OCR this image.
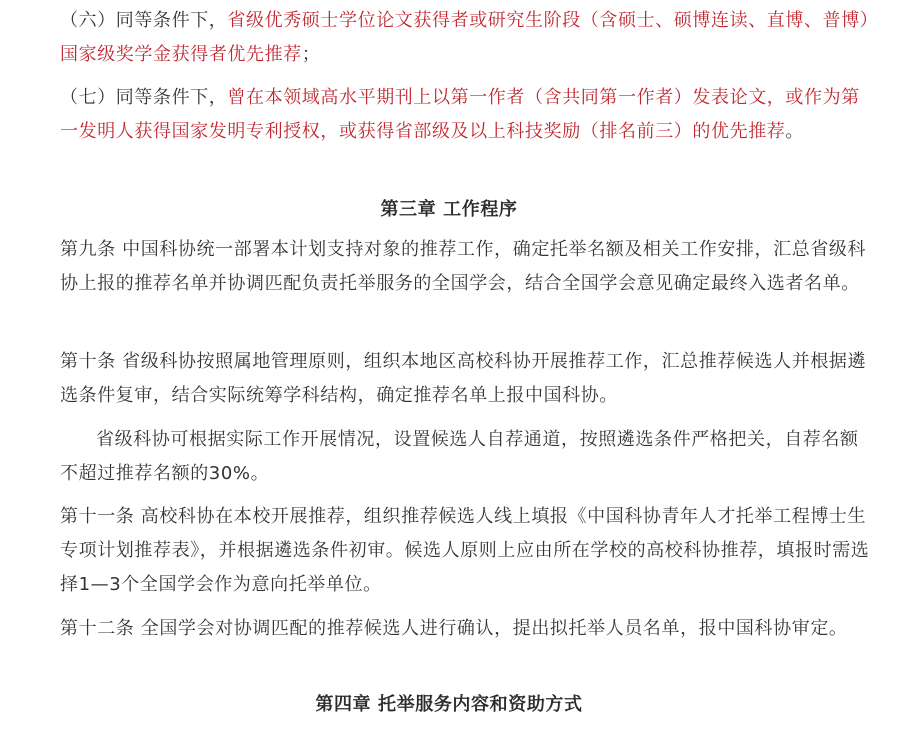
（六）同等条件下，省级优秀硕士学位论文获得者或研究生阶段（含硕士、硕博连读、直博、普博）国家级奖学金获得者优先推荐；

（七）同等条件下，曾在本领域高水平期刊上以第一作者（含共同第一作者）发表论文，或作为第一发明人获得国家发明专利授权，或获得省部级及以上科技奖励（排名前三）的优先推荐。

第三章 工作程序

第九条 中国科协统一部署本计划支持对象的推荐工作，确定托举名额及相关工作安排，汇总省级科协上报的推荐名单并协调匹配负责托举服务的全国学会，结合全国学会意见确定最终入选者名单。

第十条 省级科协按照属地管理原则，组织本地区高校科协开展推荐工作，汇总推荐候选人并根据遴选条件复审，结合实际统筹学科结构，确定推荐名单上报中国科协。

省级科协可根据实际工作开展情况，设置候选人自荐通道，按照遴选条件严格把关，自荐名额不超过推荐名额的30%。

第十一条 高校科协在本校开展推荐，组织推荐候选人线上填报《中国科协青年人才托举工程博士生专项计划推荐表》，并根据遴选条件初审。候选人原则上应由所在学校的高校科协推荐，填报时需选择1—3个全国学会作为意向托举单位。

第十二条 全国学会对协调匹配的推荐候选人进行确认，提出拟托举人员名单，报中国科协审定。

第四章 托举服务内容和资助方式
